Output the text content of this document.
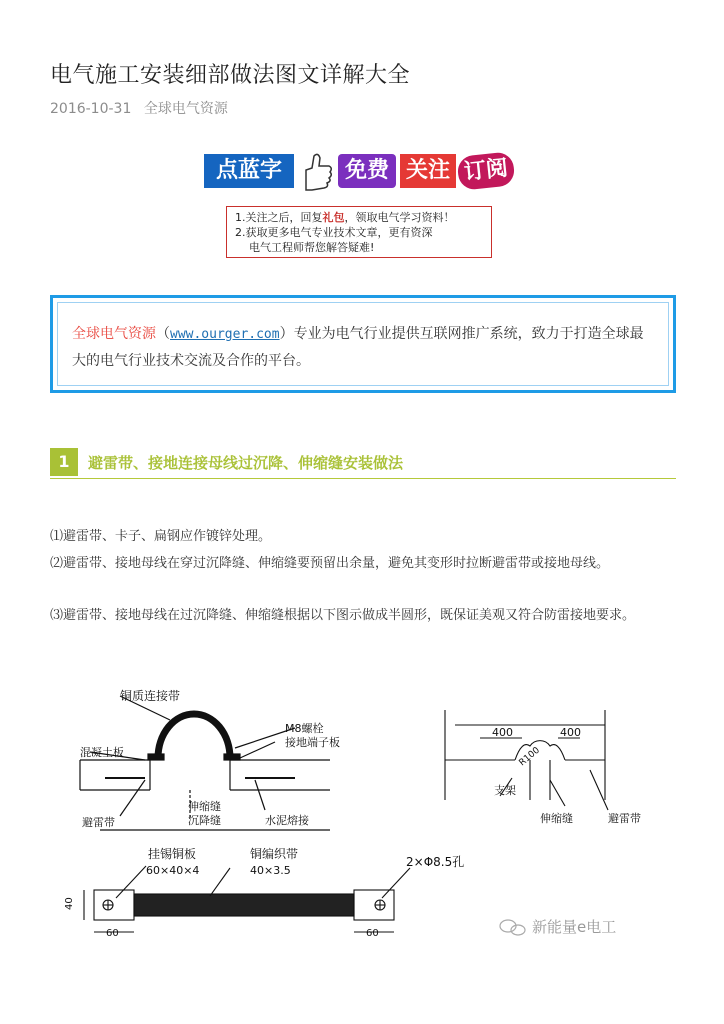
电气施工安装细部做法图文详解大全
2016-10-31 全球电气资源
点蓝字	免费 关注 订阅
1.关注之后，回复礼包，领取电气学习资料！
2.获取更多电气专业技术文章，更有资深
电气工程师帮您解答疑难!
全球电气资源（www.ourger.com）专业为电气行业提供互联网推广系统，致力于打造全球最大的电气行业技术交流及合作的平台。
1	避雷带、接地连接母线过沉降、伸缩缝安装做法
⑴避雷带、卡子、扁钢应作镀锌处理。
⑵避雷带、接地母线在穿过沉降缝、伸缩缝要预留出余量，避免其变形时拉断避雷带或接地母线。
⑶避雷带、接地母线在过沉降缝、伸缩缝根据以下图示做成半圆形，既保证美观又符合防雷接地要求。
铜质连接带
M8螺栓
接地端子板
混凝土板
避雷带
伸缩缝
沉降缝	水泥熔接
400	400
R100
支架
伸缩缝	避雷带
挂锡铜板
60×40×4
铜编织带
40×3.5
2×Φ8.5孔
40
60	60	新能量e电工
